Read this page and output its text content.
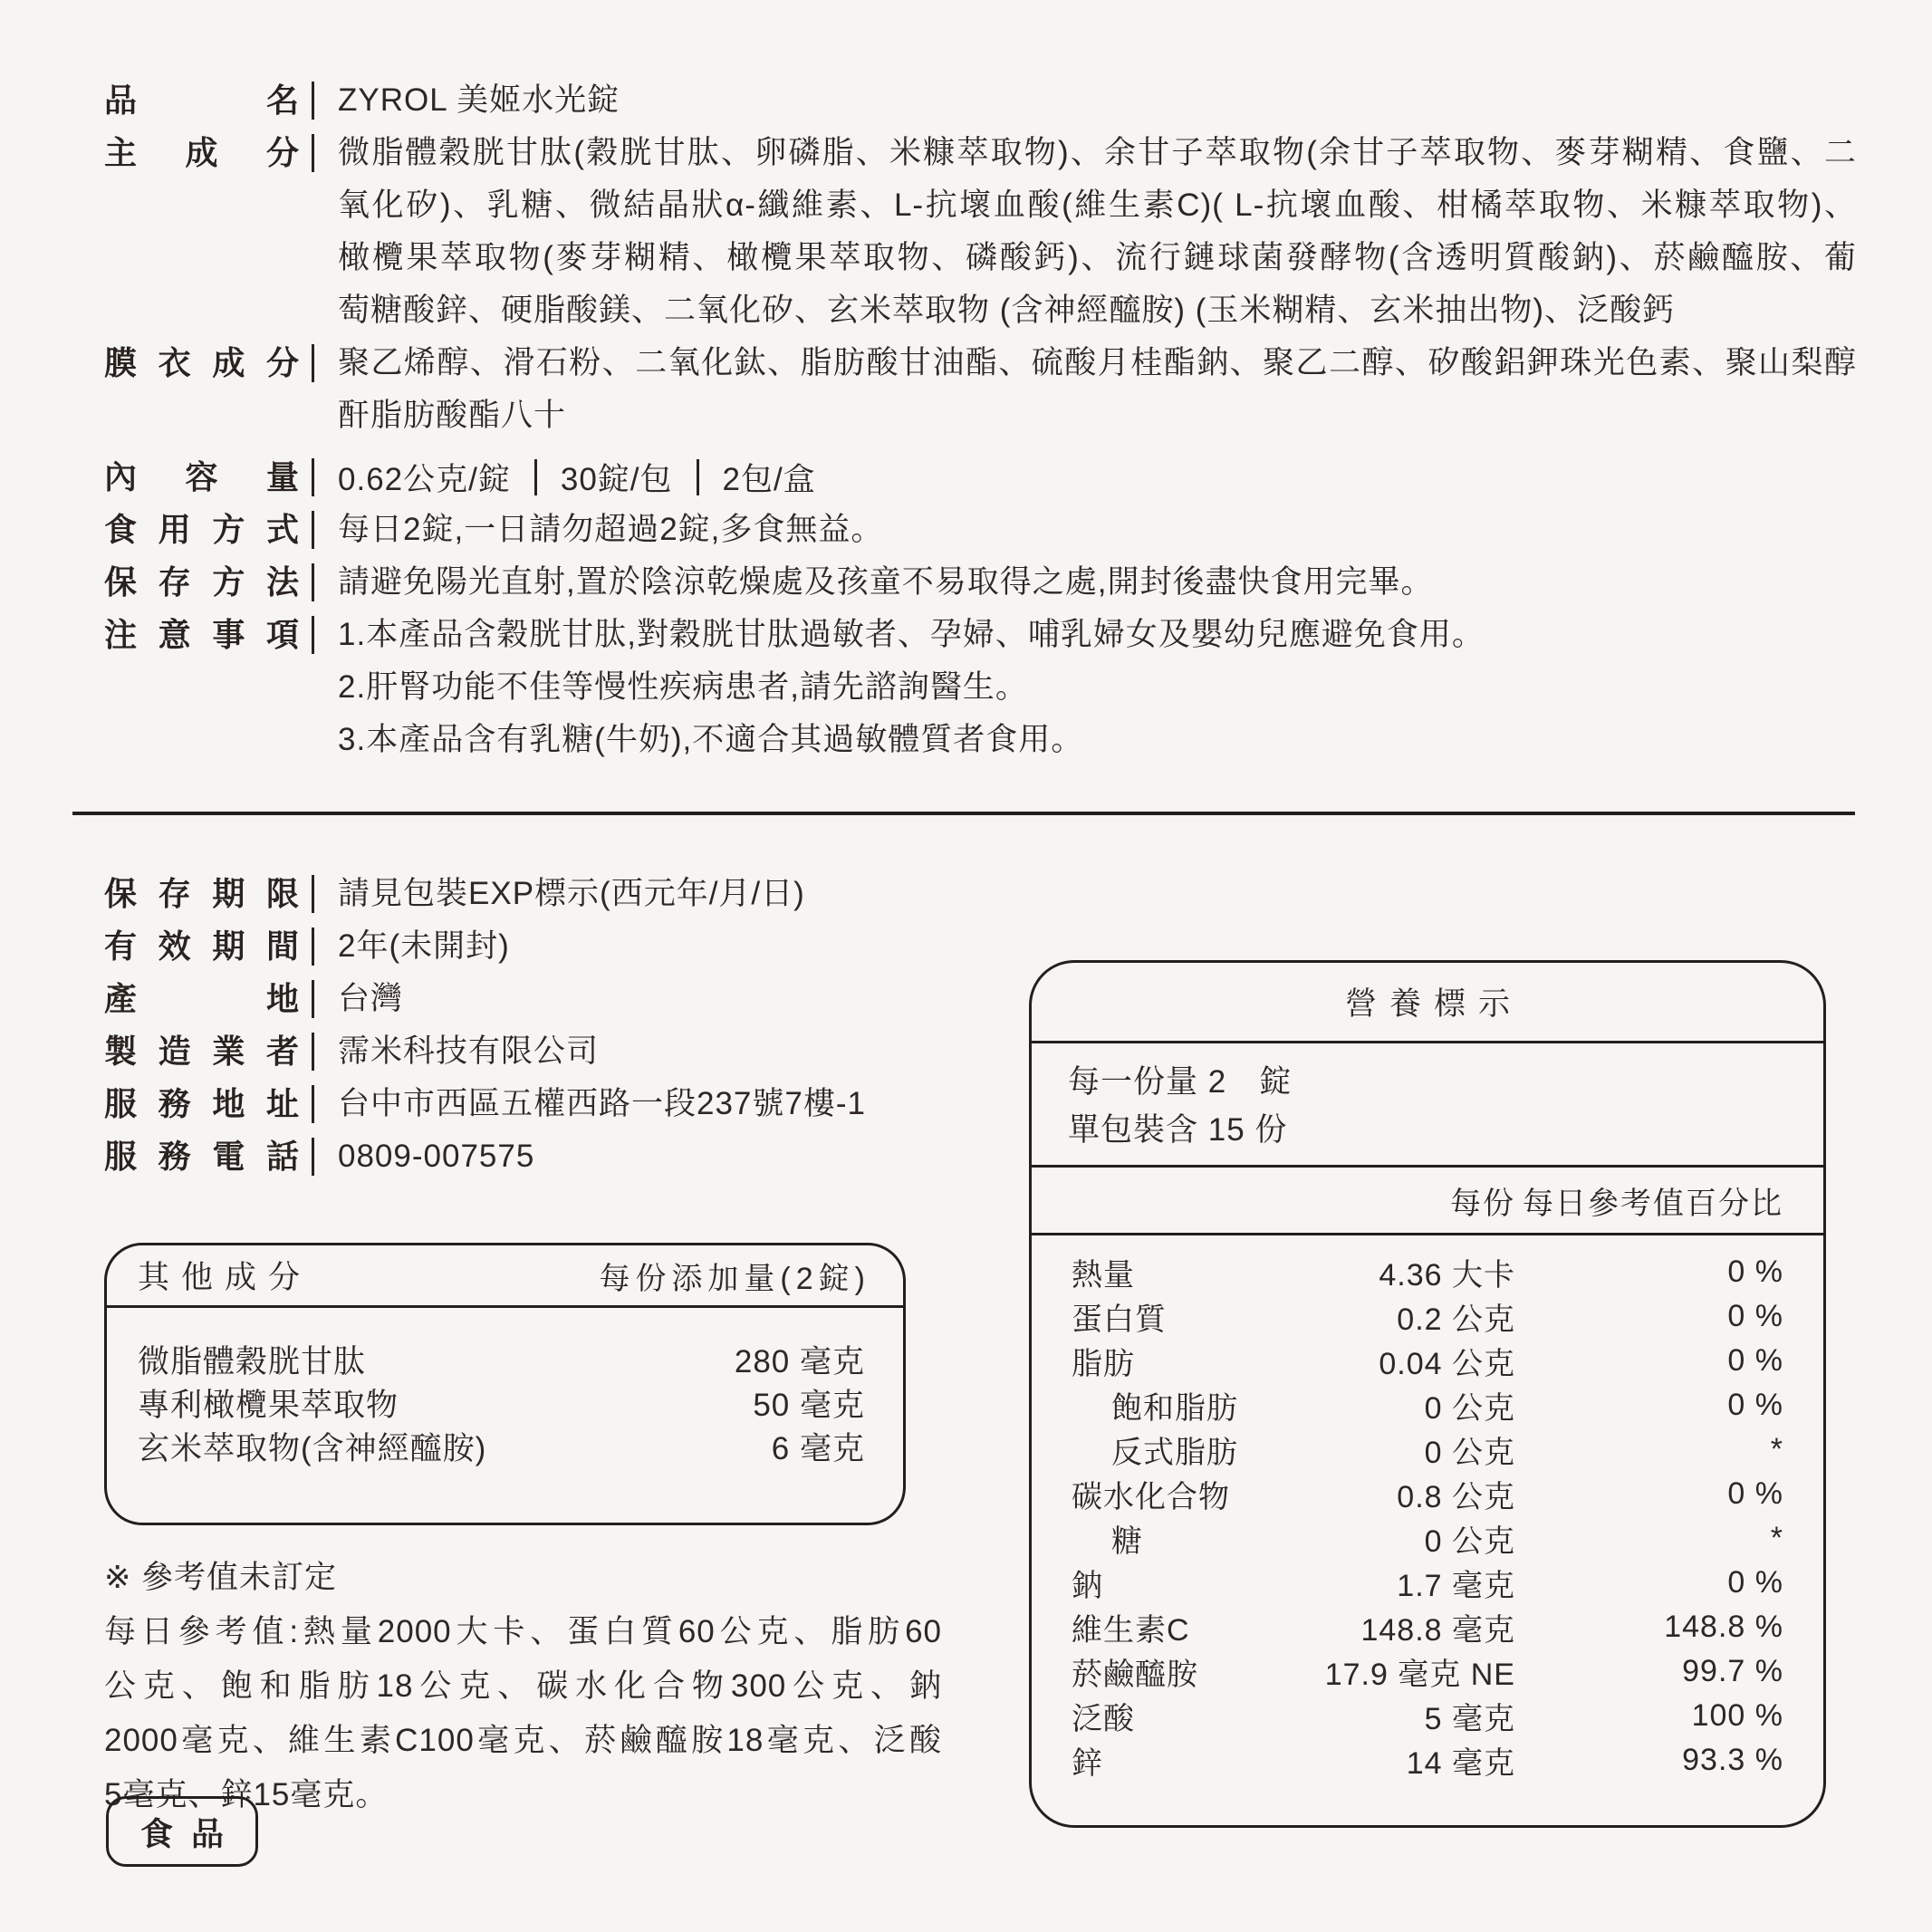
品名 ZYROL 美姬水光錠
主成分 微脂體穀胱甘肽(穀胱甘肽、卵磷脂、米糠萃取物)、余甘子萃取物(余甘子萃取物、麥芽糊精、食鹽、二
氧化矽)、乳糖、微結晶狀α-纖維素、L-抗壞血酸(維生素C)( L-抗壞血酸、柑橘萃取物、米糠萃取物)、
橄欖果萃取物(麥芽糊精、橄欖果萃取物、磷酸鈣)、流行鏈球菌發酵物(含透明質酸鈉)、菸鹼醯胺、葡
萄糖酸鋅、硬脂酸鎂、二氧化矽、玄米萃取物 (含神經醯胺) (玉米糊精、玄米抽出物)、泛酸鈣
膜衣成分 聚乙烯醇、滑石粉、二氧化鈦、脂肪酸甘油酯、硫酸月桂酯鈉、聚乙二醇、矽酸鋁鉀珠光色素、聚山梨醇
酐脂肪酸酯八十
內容量 0.62公克/錠 30錠/包 2包/盒
食用方式 每日2錠,一日請勿超過2錠,多食無益。
保存方法 請避免陽光直射,置於陰涼乾燥處及孩童不易取得之處,開封後盡快食用完畢。
注意事項 1.本產品含穀胱甘肽,對穀胱甘肽過敏者、孕婦、哺乳婦女及嬰幼兒應避免食用。
2.肝腎功能不佳等慢性疾病患者,請先諮詢醫生。
3.本產品含有乳糖(牛奶),不適合其過敏體質者食用。
保存期限 請見包裝EXP標示(西元年/月/日)
有效期間 2年(未開封)
產地 台灣
製造業者 霈米科技有限公司
服務地址 台中市西區五權西路一段237號7樓-1
服務電話 0809-007575
其他成分	每份添加量(2錠)
微脂體穀胱甘肽	280 毫克
專利橄欖果萃取物	50 毫克
玄米萃取物(含神經醯胺)	6 毫克
※ 參考值未訂定
每日參考值:熱量2000大卡、蛋白質60公克、脂肪60
公克、飽和脂肪18公克、碳水化合物300公克、鈉
2000毫克、維生素C100毫克、菸鹼醯胺18毫克、泛酸
5毫克、鋅15毫克。
食品
營養標示
每一份量 2　錠
單包裝含 15 份
每份 每日參考值百分比
熱量	4.36 大卡	0 %
蛋白質	0.2 公克	0 %
脂肪	0.04 公克	0 %
飽和脂肪	0 公克	0 %
反式脂肪	0 公克	*
碳水化合物	0.8 公克	0 %
糖	0 公克	*
鈉	1.7 毫克	0 %
維生素C	148.8 毫克	148.8 %
菸鹼醯胺	17.9 毫克 NE	99.7 %
泛酸	5 毫克	100 %
鋅	14 毫克	93.3 %
